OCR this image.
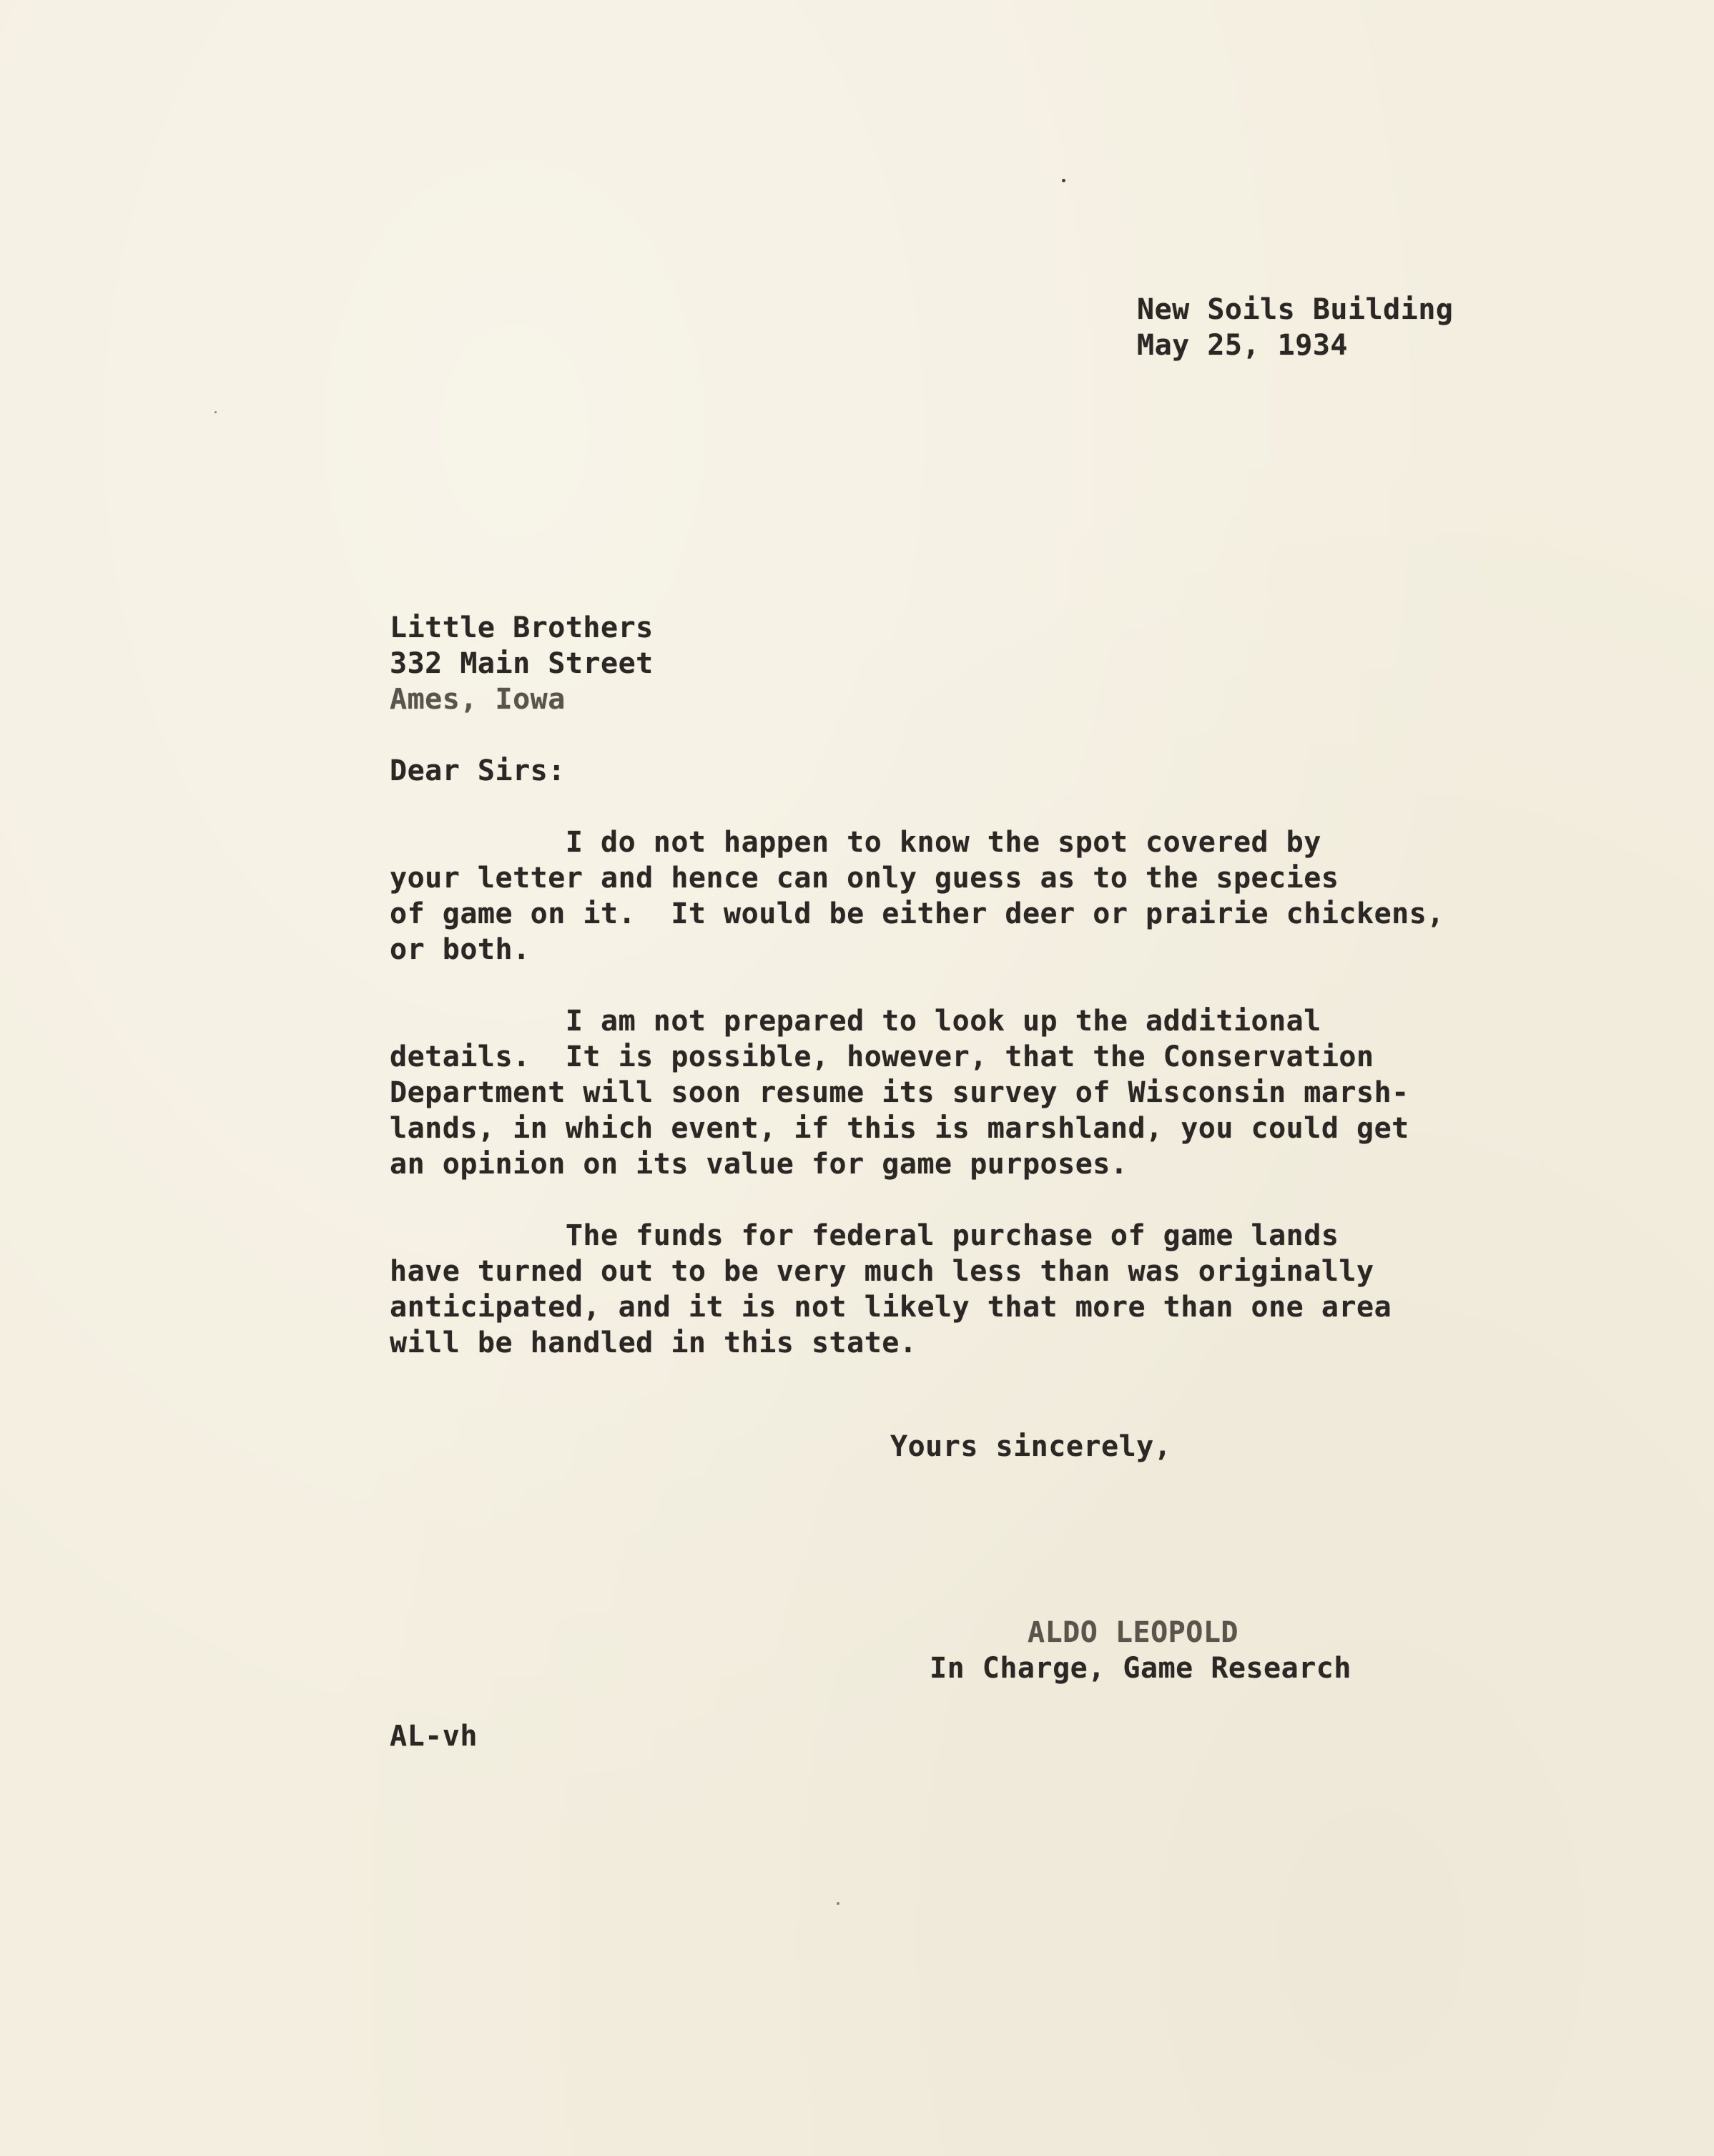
New Soils Building
May 25, 1934
Little Brothers
332 Main Street
Ames, Iowa
Dear Sirs:
I do not happen to know the spot covered by
your letter and hence can only guess as to the species
of game on it.  It would be either deer or prairie chickens,
or both.
I am not prepared to look up the additional
details.  It is possible, however, that the Conservation
Department will soon resume its survey of Wisconsin marsh-
lands, in which event, if this is marshland, you could get
an opinion on its value for game purposes.
The funds for federal purchase of game lands
have turned out to be very much less than was originally
anticipated, and it is not likely that more than one area
will be handled in this state.
Yours sincerely,
ALDO LEOPOLD
In Charge, Game Research
AL-vh
